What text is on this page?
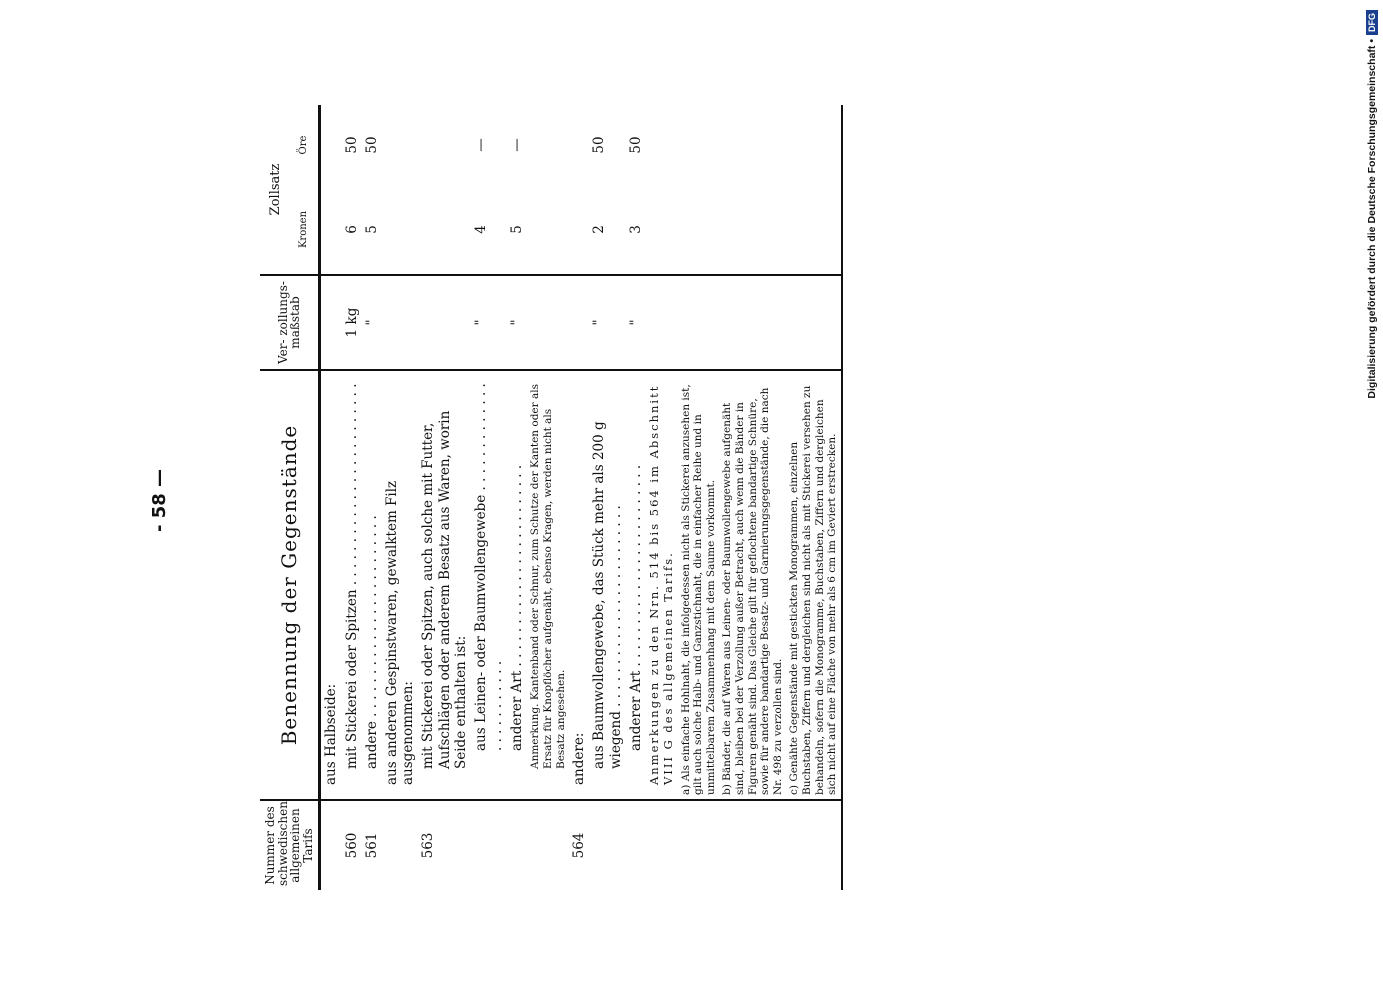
- 58 —
Digitalisierung gefördert durch die Deutsche Forschungsgemeinschaft •
DFG
Nummer des schwedischen allgemeinen Tarifs	Benennung der Gegenstände	Ver- zollungs- maßstab	Zollsatz	
			Kronen	Öre
	aus Halbseide:			
560	mit Stickerei oder Spitzen . . .	1 kg	6	50
561	andere . . .	"	5	50
	aus anderen Gespinstwaren, gewalktem Filz ausgenommen:			
563	mit Stickerei oder Spitzen, auch solche mit Futter, Aufschlägen oder anderem Besatz aus Waren, worin Seide enthalten ist:			
	aus Leinen- oder Baumwollengewebe . . .	"	4	—
	anderer Art . . .	"	5	—
	Anmerkung. Kantenband oder Schnur, zum Schutze der Kanten oder als Ersatz für Knopflöcher aufgenäht, ebenso Kragen, werden nicht als Besatz angesehen.			
564	andere:			
	aus Baumwollengewebe, das Stück mehr als 200 g wiegend . . .	"	2	50
	anderer Art . . .	"	3	50
	Anmerkungen zu den Nrn. 514 bis 564 im Abschnitt VIII G des allgemeinen Tarifs.			
	a) Als einfache Hohlnaht, die infolgedessen nicht als Stickerei anzusehen ist, gilt auch solche Halb- und Ganzstichnaht, die in einfacher Reihe und in unmittelbarem Zusammenhang mit dem Saume vorkommt.			
	b) Bänder, die auf Waren aus Leinen- oder Baumwollengewebe aufgenäht sind, bleiben bei der Verzollung außer Betracht, auch wenn die Bänder in Figuren genäht sind. Das Gleiche gilt für geflochtene bandartige Schnüre, sowie für andere bandartige Besatz- und Garnierungsgegenstände, die nach Nr. 498 zu verzollen sind.			
	c) Genähte Gegenstände mit gestickten Monogrammen, einzelnen Buchstaben, Ziffern und dergleichen sind nicht als mit Stickerei versehen zu behandeln, sofern die Monogramme, Buchstaben, Ziffern und dergleichen sich nicht auf eine Fläche von mehr als 6 cm im Geviert erstrecken.			
